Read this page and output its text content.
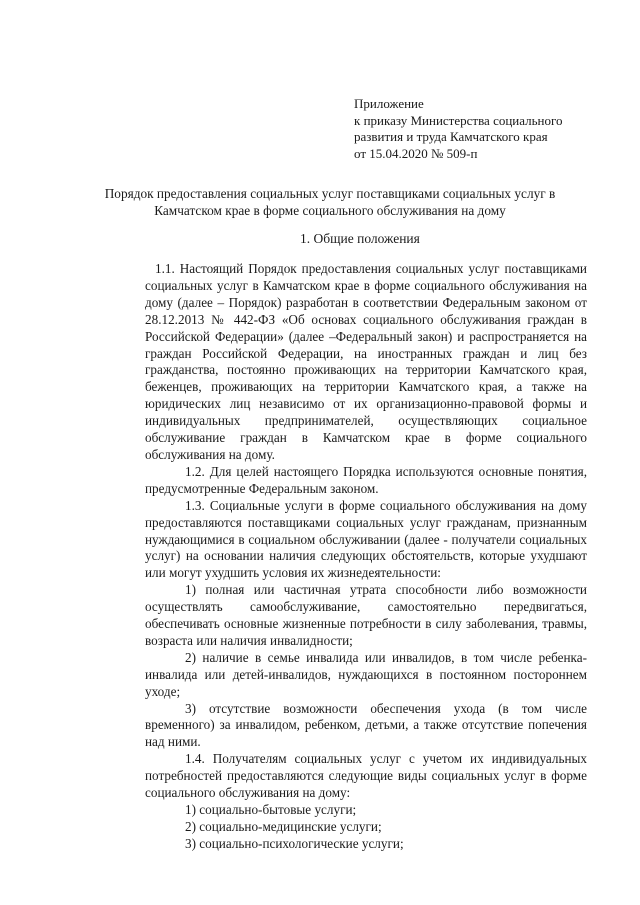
Приложение
к приказу Министерства социального
развития и труда Камчатского края
от 15.04.2020 № 509-п
Порядок предоставления социальных услуг поставщиками социальных услуг в Камчатском крае в форме социального обслуживания на дому
1. Общие положения

1.1. Настоящий Порядок предоставления социальных услуг поставщиками социальных услуг в Камчатском крае в форме социального обслуживания на дому (далее – Порядок) разработан в соответствии Федеральным законом от 28.12.2013 № 442-ФЗ «Об основах социального обслуживания граждан в Российской Федерации» (далее –Федеральный закон) и распространяется на граждан Российской Федерации, на иностранных граждан и лиц без гражданства, постоянно проживающих на территории Камчатского края, беженцев, проживающих на территории Камчатского края, а также на юридических лиц независимо от их организационно-правовой формы и индивидуальных предпринимателей, осуществляющих социальное обслуживание граждан в Камчатском крае в форме социального обслуживания на дому.

1.2. Для целей настоящего Порядка используются основные понятия, предусмотренные Федеральным законом.

1.3. Социальные услуги в форме социального обслуживания на дому предоставляются поставщиками социальных услуг гражданам, признанным нуждающимися в социальном обслуживании (далее - получатели социальных услуг) на основании наличия следующих обстоятельств, которые ухудшают или могут ухудшить условия их жизнедеятельности:

1) полная или частичная утрата способности либо возможности осуществлять самообслуживание, самостоятельно передвигаться, обеспечивать основные жизненные потребности в силу заболевания, травмы, возраста или наличия инвалидности;

2) наличие в семье инвалида или инвалидов, в том числе ребенка-инвалида или детей-инвалидов, нуждающихся в постоянном постороннем уходе;

3) отсутствие возможности обеспечения ухода (в том числе временного) за инвалидом, ребенком, детьми, а также отсутствие попечения над ними.

1.4. Получателям социальных услуг с учетом их индивидуальных потребностей предоставляются следующие виды социальных услуг в форме социального обслуживания на дому:

1) социально-бытовые услуги;

2) социально-медицинские услуги;

3) социально-психологические услуги;
